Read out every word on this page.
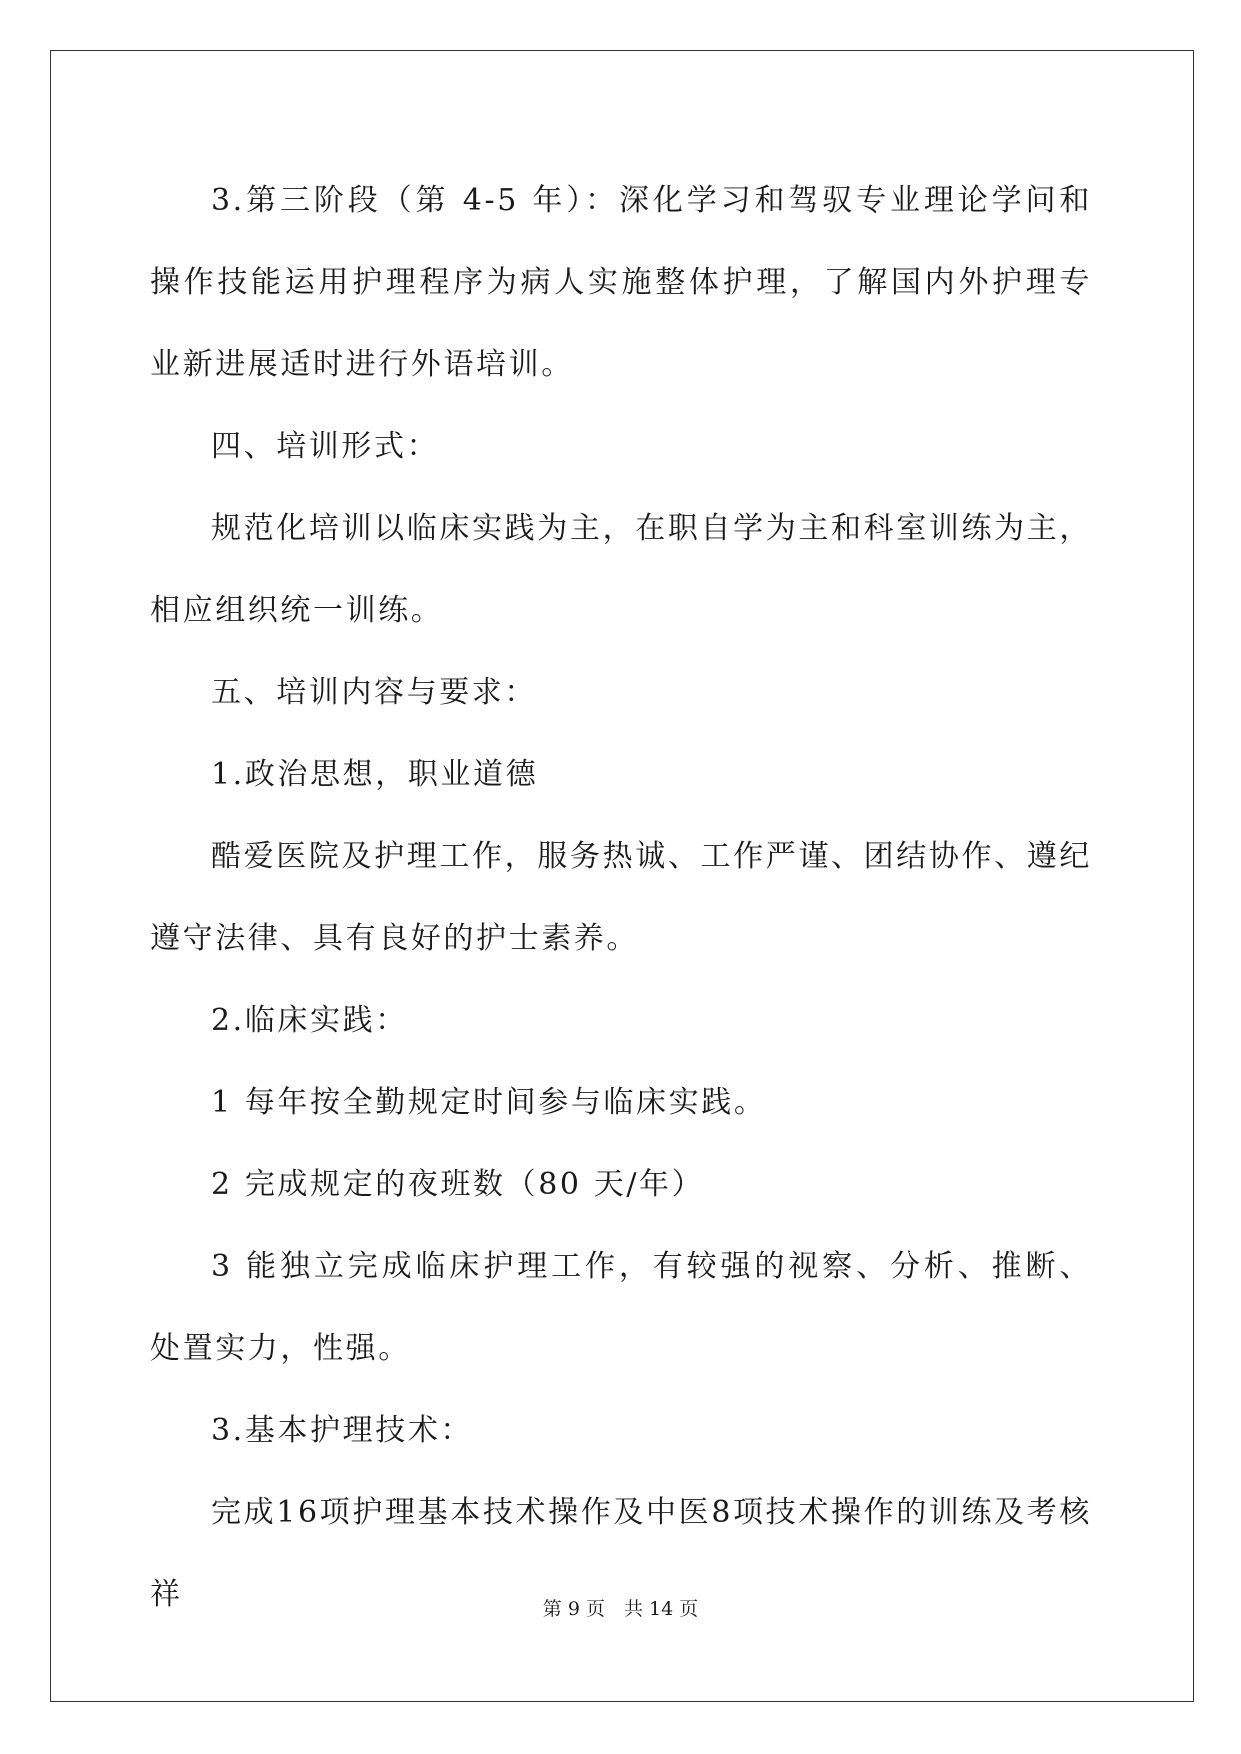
3.第三阶段（第 4-5 年）：深化学习和驾驭专业理论学问和操作技能运用护理程序为病人实施整体护理，了解国内外护理专业新进展适时进行外语培训。

四、培训形式：

规范化培训以临床实践为主，在职自学为主和科室训练为主，相应组织统一训练。

五、培训内容与要求：

1.政治思想，职业道德

酷爱医院及护理工作，服务热诚、工作严谨、团结协作、遵纪遵守法律、具有良好的护士素养。

2.临床实践：

1 每年按全勤规定时间参与临床实践。

2 完成规定的夜班数（80 天/年）

3 能独立完成临床护理工作，有较强的视察、分析、推断、处置实力，性强。

3.基本护理技术：

完成16项护理基本技术操作及中医8项技术操作的训练及考核祥	第 9 页　共 14 页
